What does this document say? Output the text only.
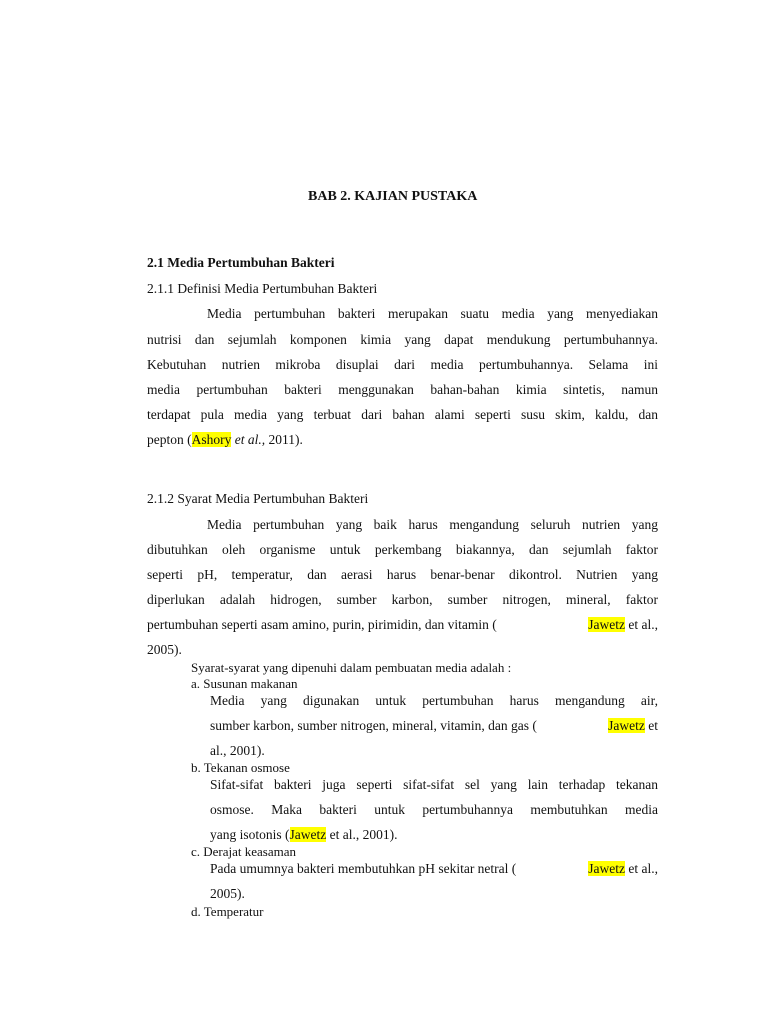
BAB 2. KAJIAN PUSTAKA
2.1 Media Pertumbuhan Bakteri
2.1.1 Definisi Media Pertumbuhan Bakteri
Media pertumbuhan bakteri merupakan suatu media yang menyediakan
nutrisi dan sejumlah komponen kimia yang dapat mendukung pertumbuhannya.
Kebutuhan nutrien mikroba disuplai dari media pertumbuhannya. Selama ini
media pertumbuhan bakteri menggunakan bahan-bahan kimia sintetis, namun
terdapat pula media yang terbuat dari bahan alami seperti susu skim, kaldu, dan
pepton (Ashory et al., 2011).
2.1.2 Syarat Media Pertumbuhan Bakteri
Media pertumbuhan yang baik harus mengandung seluruh nutrien yang
dibutuhkan oleh organisme untuk perkembang biakannya, dan sejumlah faktor
seperti pH, temperatur, dan aerasi harus benar-benar dikontrol. Nutrien yang
diperlukan adalah hidrogen, sumber karbon, sumber nitrogen, mineral, faktor
pertumbuhan seperti asam amino, purin, pirimidin, dan vitamin (	Jawetz et al.,
2005).
Syarat-syarat yang dipenuhi dalam pembuatan media adalah :
a. Susunan makanan
Media yang digunakan untuk pertumbuhan harus mengandung air,
sumber karbon, sumber nitrogen, mineral, vitamin, dan gas (	Jawetz et
al., 2001).
b. Tekanan osmose
Sifat-sifat bakteri juga seperti sifat-sifat sel yang lain terhadap tekanan
osmose. Maka bakteri untuk pertumbuhannya membutuhkan media
yang isotonis (Jawetz et al., 2001).
c. Derajat keasaman
Pada umumnya bakteri membutuhkan pH sekitar netral (	Jawetz et al.,
2005).
d. Temperatur
